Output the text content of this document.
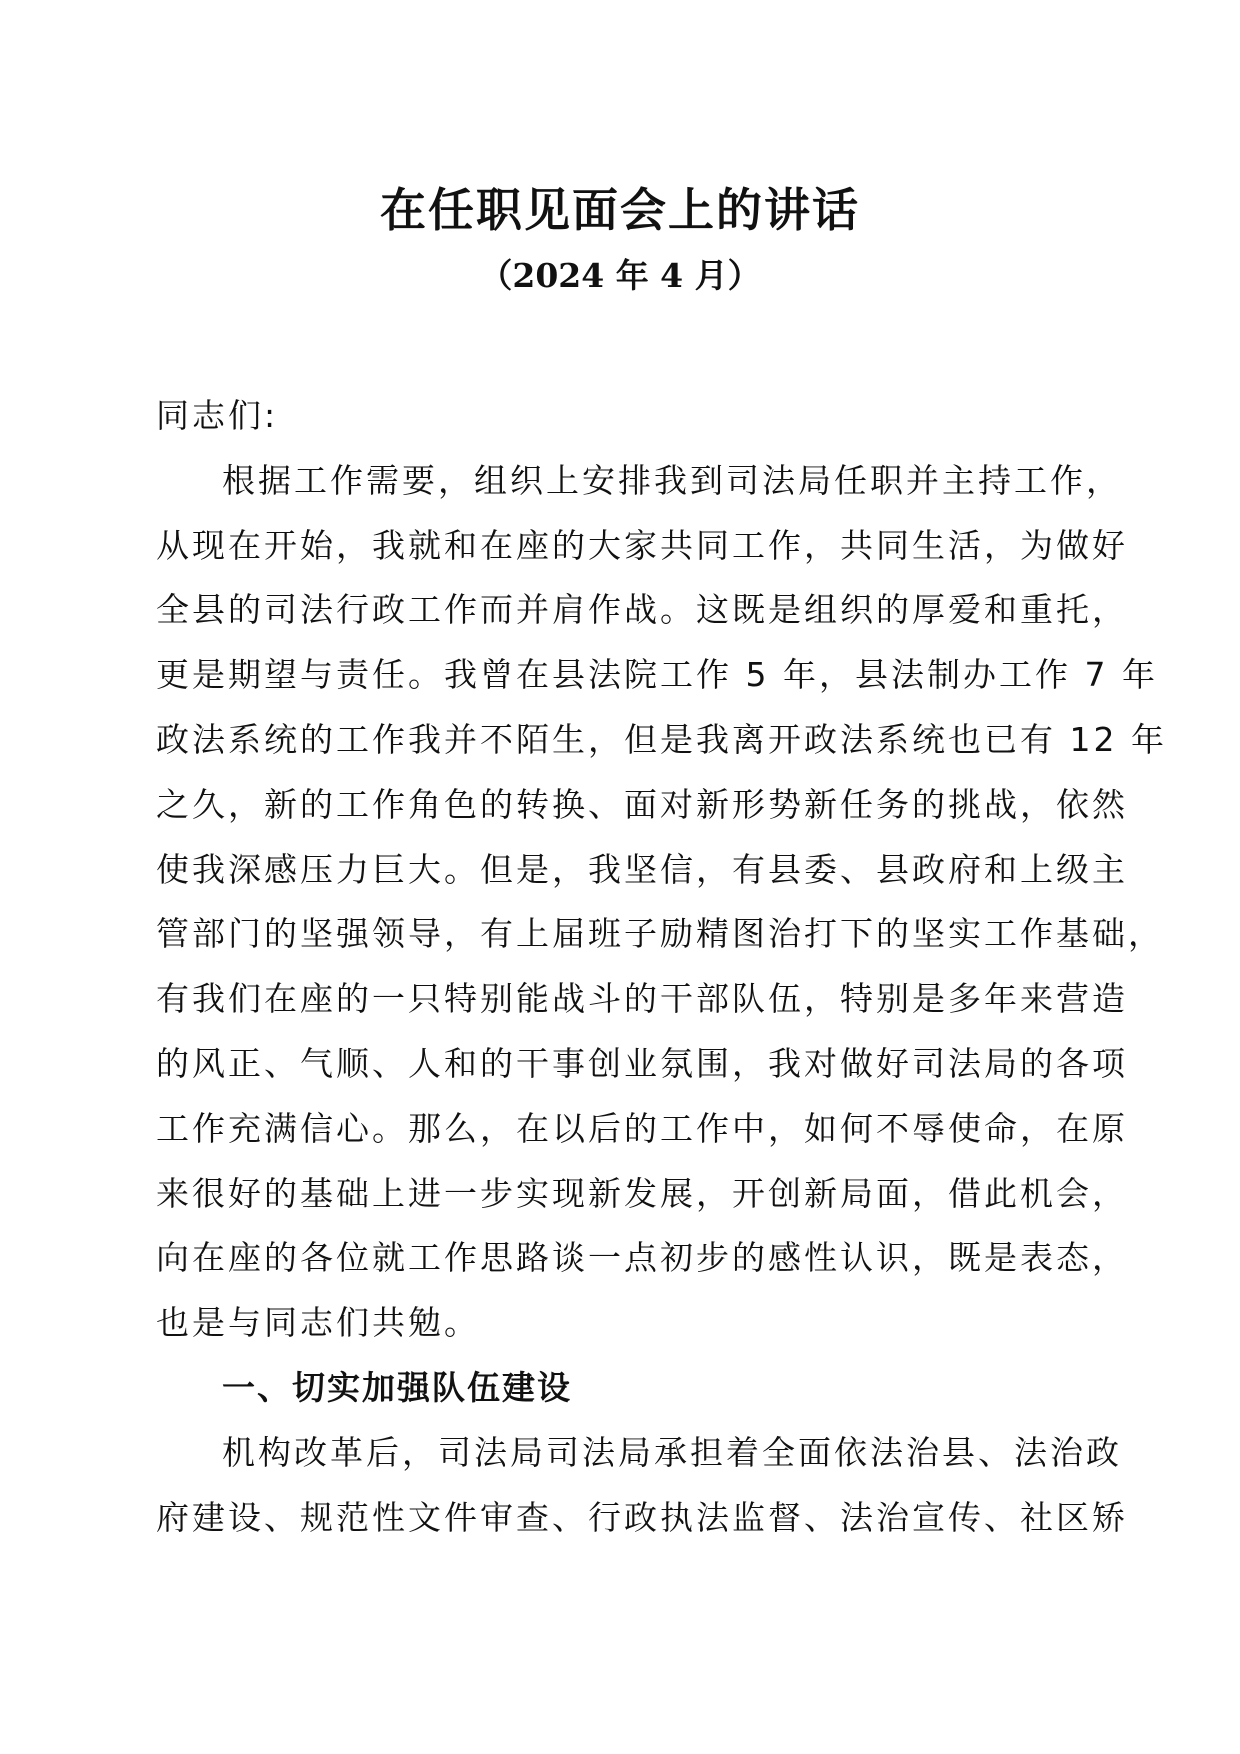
在任职见面会上的讲话
（2024 年 4 月）

同志们:

根据工作需要，组织上安排我到司法局任职并主持工作，
从现在开始，我就和在座的大家共同工作，共同生活，为做好
全县的司法行政工作而并肩作战。这既是组织的厚爱和重托，
更是期望与责任。我曾在县法院工作 5 年，县法制办工作 7 年
政法系统的工作我并不陌生，但是我离开政法系统也已有 12 年
之久，新的工作角色的转换、面对新形势新任务的挑战，依然
使我深感压力巨大。但是，我坚信，有县委、县政府和上级主
管部门的坚强领导，有上届班子励精图治打下的坚实工作基础，
有我们在座的一只特别能战斗的干部队伍，特别是多年来营造
的风正、气顺、人和的干事创业氛围，我对做好司法局的各项
工作充满信心。那么，在以后的工作中，如何不辱使命，在原
来很好的基础上进一步实现新发展，开创新局面，借此机会，
向在座的各位就工作思路谈一点初步的感性认识，既是表态，
也是与同志们共勉。

一、切实加强队伍建设

机构改革后，司法局司法局承担着全面依法治县、法治政
府建设、规范性文件审查、行政执法监督、法治宣传、社区矫
